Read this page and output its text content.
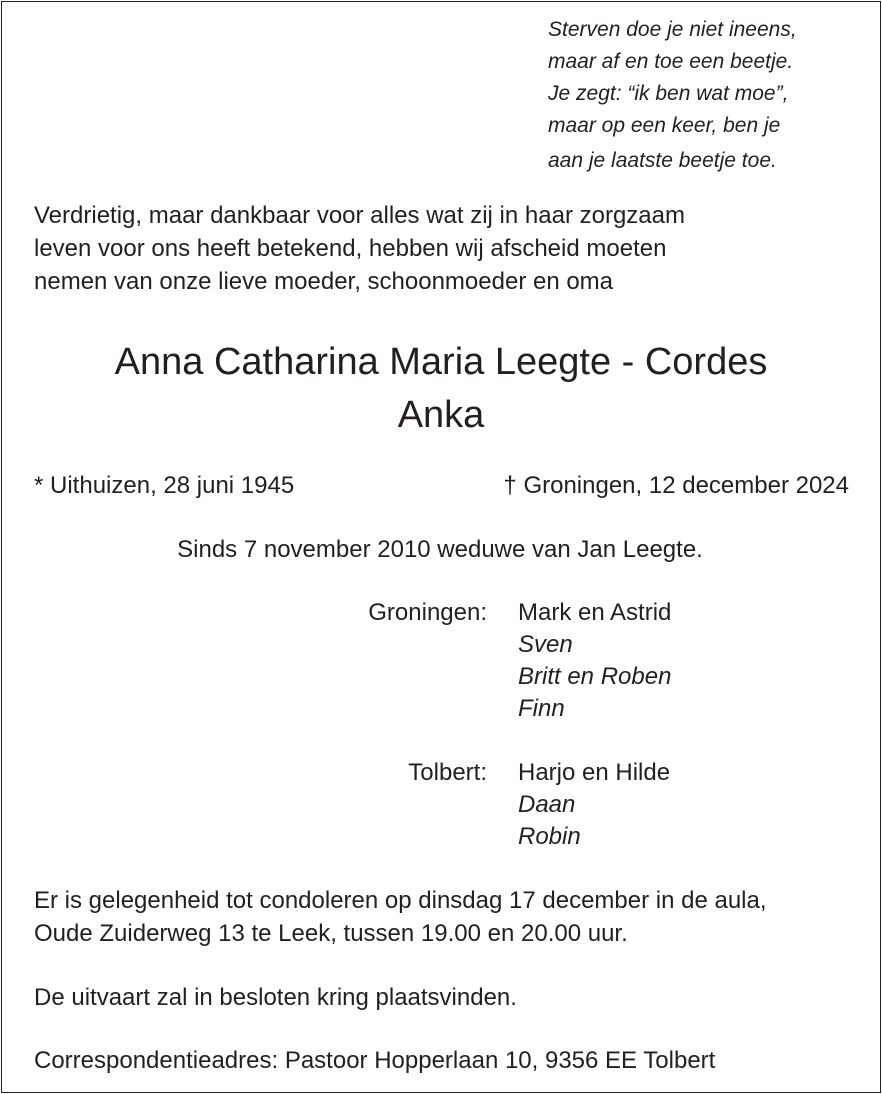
Sterven doe je niet ineens,
maar af en toe een beetje.
Je zegt: “ik ben wat moe”,
maar op een keer, ben je
aan je laatste beetje toe.
Verdrietig, maar dankbaar voor alles wat zij in haar zorgzaam
leven voor ons heeft betekend, hebben wij afscheid moeten
nemen van onze lieve moeder, schoonmoeder en oma
Anna Catharina Maria Leegte - Cordes
Anka
* Uithuizen, 28 juni 1945	† Groningen, 12 december 2024
Sinds 7 november 2010 weduwe van Jan Leegte.
Groningen: Mark en Astrid
Sven
Britt en Roben
Finn
Tolbert: Harjo en Hilde
Daan
Robin
Er is gelegenheid tot condoleren op dinsdag 17 december in de aula,
Oude Zuiderweg 13 te Leek, tussen 19.00 en 20.00 uur.
De uitvaart zal in besloten kring plaatsvinden.
Correspondentieadres: Pastoor Hopperlaan 10, 9356 EE Tolbert
